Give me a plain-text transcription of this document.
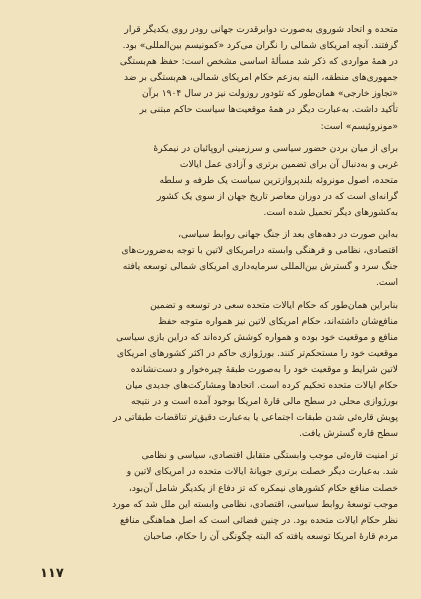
متحده و اتحاد شوروی به‌صورت دوابرقدرت جهانی رودر روی یکدیگر قرار
گرفتند. آنچه امریکای شمالی را نگران می‌کرد «کمونیسم بین‌المللی» بود.
در همهٔ مواردی که ذکر شد مسألهٔ اساسی مشخص است: حفظ هم‌بستگی
جمهوری‌های منطقه، البته به‌زعم حکام امریکای شمالی، هم‌بستگی بر ضد
«تجاوز خارجی» همان‌طور که تئودور روزولت نیز در سال ۱۹۰۴ برآن
تأکید داشت. به‌عبارت دیگر در همهٔ موقعیت‌ها سیاست حاکم مبتنی بر
«مونروئیسم» است:

برای از میان بردن حضور سیاسی و سرزمینی اروپائیان در نیمکرهٔ
غربی و به‌دنبال آن برای تضمین برتری و آزادی عمل ایالات
متحده، اصول مونروئه بلندپروازترین سیاست یک طرفه و سلطه
گرانه‌ای است که در دوران معاصر تاریخ جهان از سوی یک کشور
به‌کشورهای دیگر تحمیل شده است.

به‌این صورت در دهه‌های بعد از جنگ جهانی روابط سیاسی،
اقتصادی، نظامی و فرهنگی وابسته درامریکای لاتین با توجه به‌ضرورت‌های
جنگ سرد و گسترش بین‌المللی سرمایه‌داری امریکای شمالی توسعه یافته
است.

بنابراین همان‌طور که حکام ایالات متحده سعی در توسعه و تضمین
منافع‌شان داشته‌اند، حکام امریکای لاتین نیز همواره متوجه حفظ
منافع و موقعیت خود بوده و همواره کوشش کرده‌اند که دراین بازی سیاسی
موقعیت خود را مستحکم‌تر کنند. بورژوازی حاکم در اکثر کشورهای امریکای
لاتین شرایط و موقعیت خود را به‌صورت طبقهٔ چیره‌خوار و دست‌نشانده
حکام ایالات متحده تحکیم کرده است. اتحادها ومشارکت‌های جدیدی میان
بورژوازی محلی در سطح مالی قارهٔ امریکا بوجود آمده است و در نتیجه
پویش قاره‌ئی شدن طبقات اجتماعی یا به‌عبارت دقیق‌تر تناقضات طبقاتی در
سطح قاره گسترش یافت.

تز امنیت قاره‌ئی موجب وابستگی متقابل اقتصادی، سیاسی و نظامی
شد. به‌عبارت دیگر خصلت برتری جویانهٔ ایالات متحده در امریکای لاتین و
خصلت منافع حکام کشورهای نیمکره که تز دفاع از یکدیگر شامل آن‌بود،
موجب توسعهٔ روابط سیاسی، اقتصادی، نظامی وابسته این ملل شد که مورد
نظر حکام ایالات متحده بود. در چنین فضائی است که اصل هماهنگی منافع
مردم قارهٔ امریکا توسعه یافته که البته چگونگی آن را حکام، صاحبان

۱۱۷
